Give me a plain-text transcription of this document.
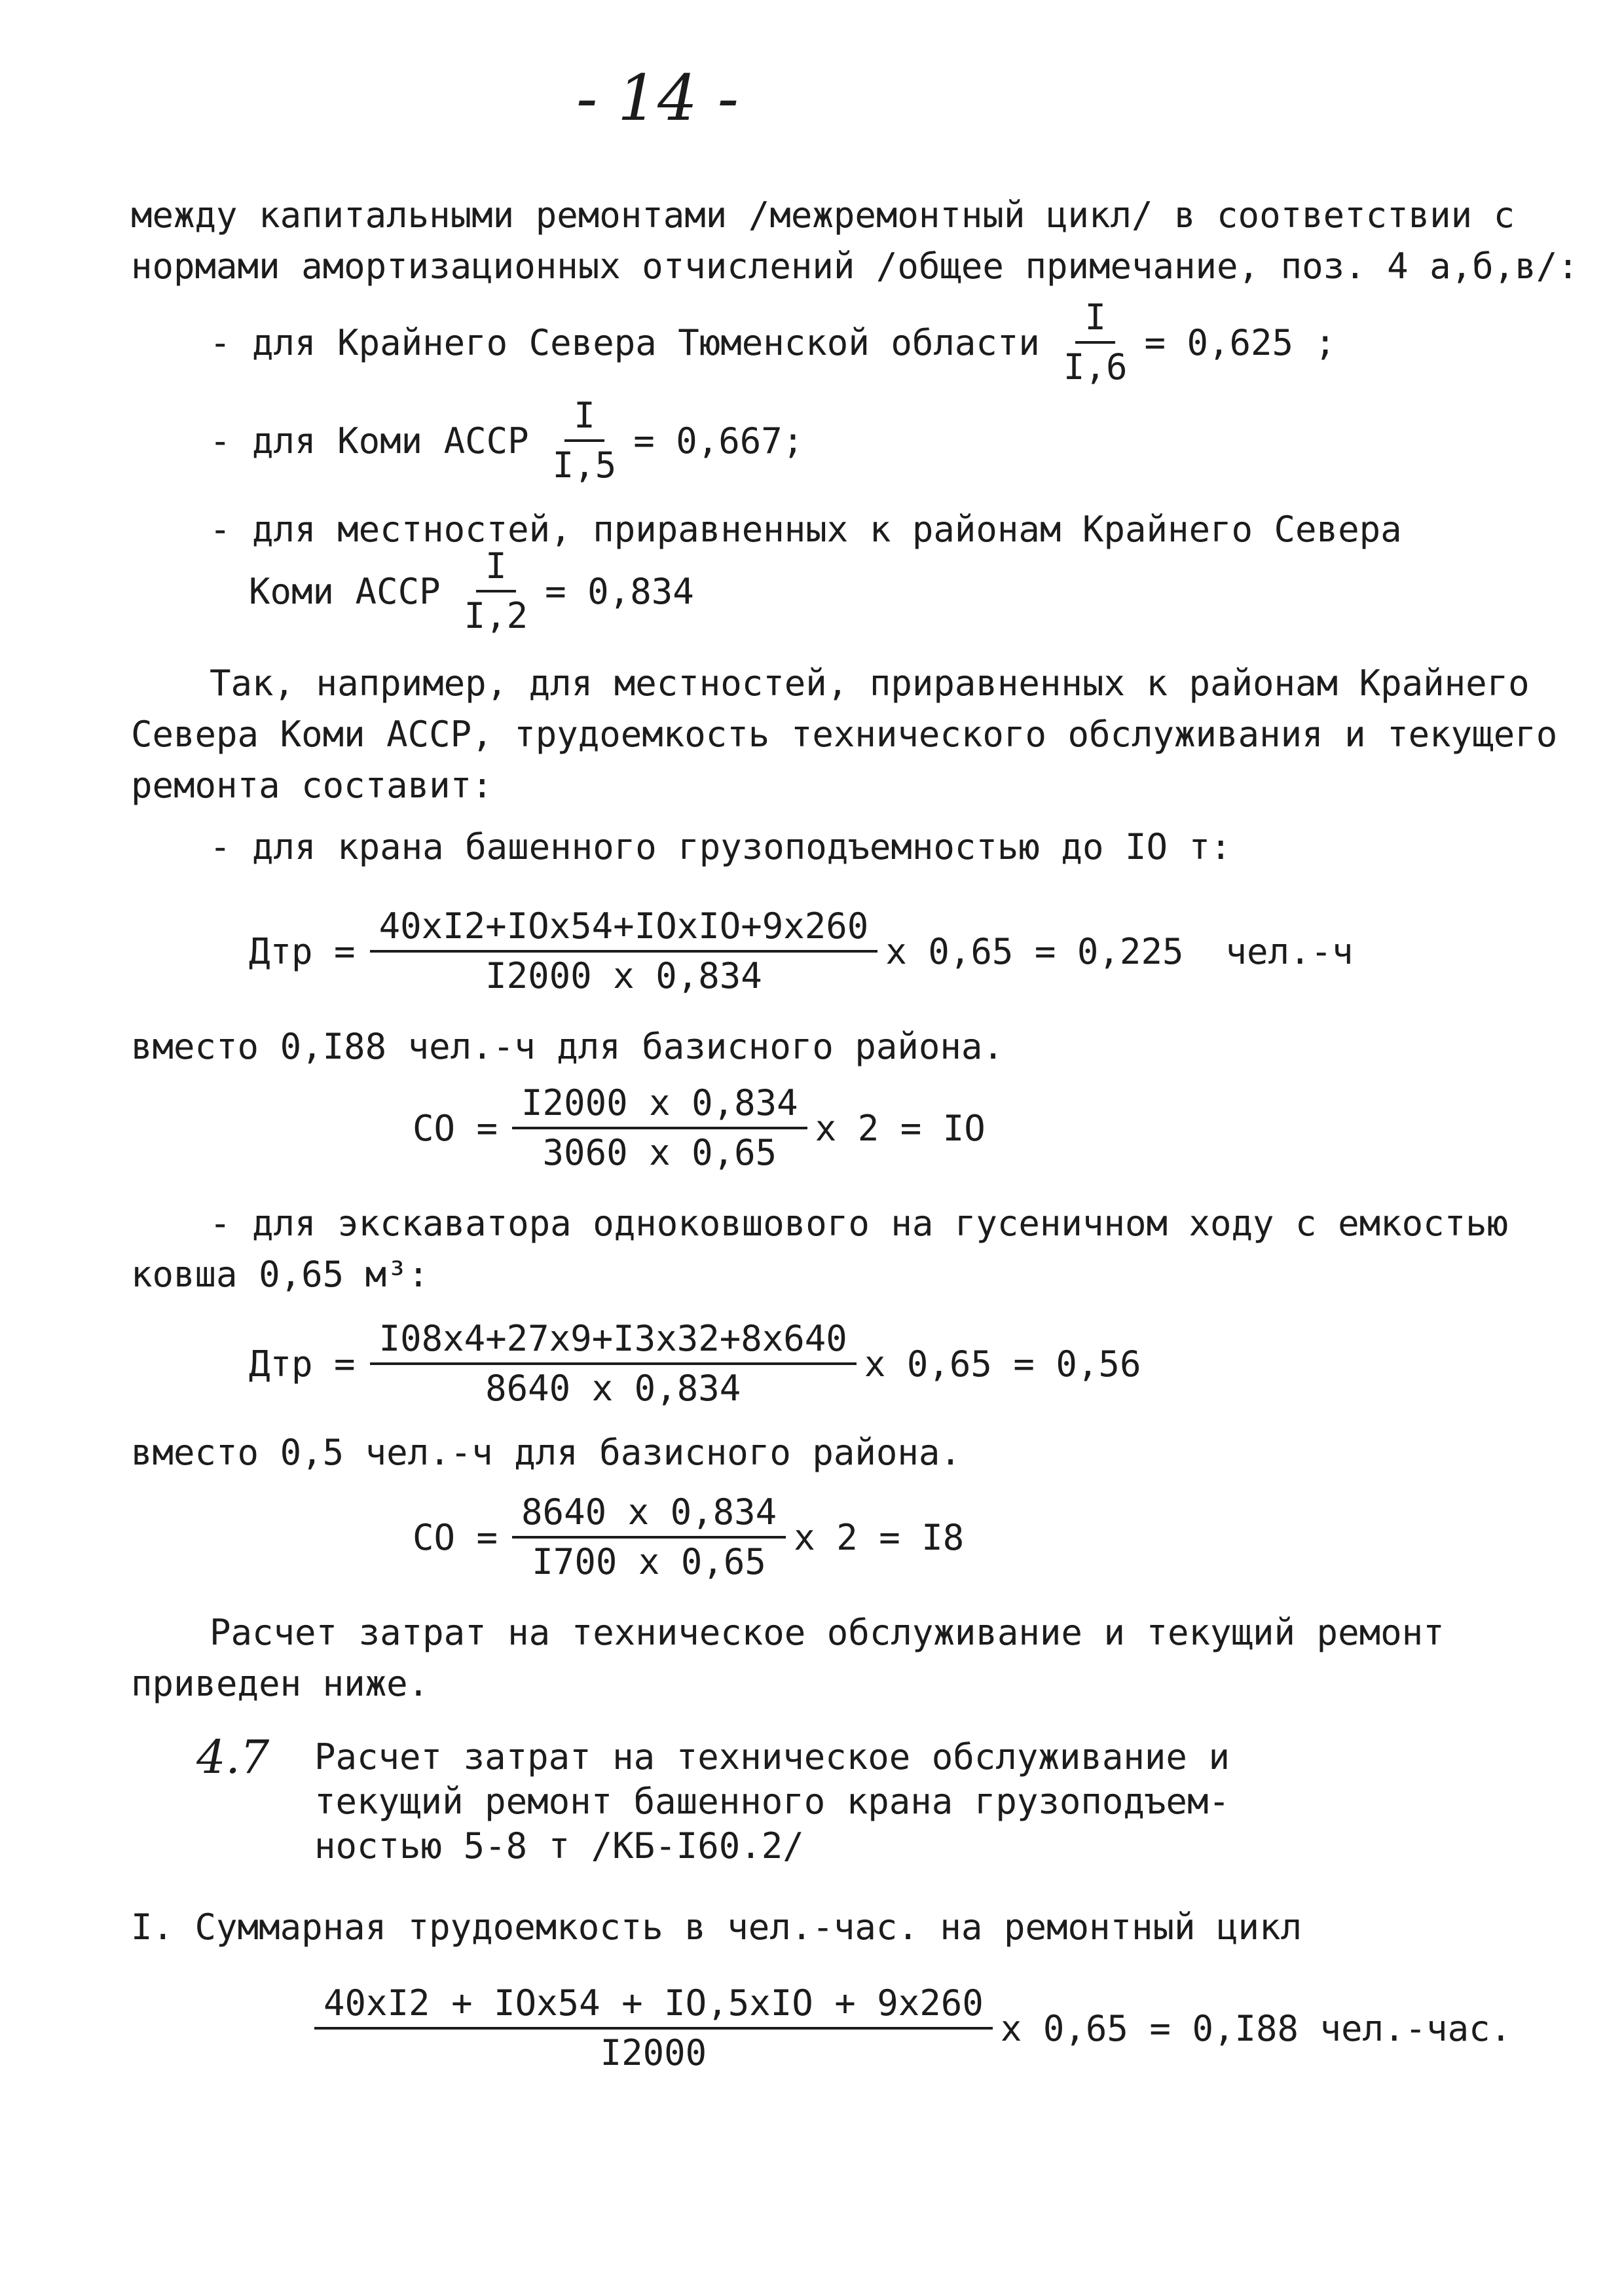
- 14 -
между капитальными ремонтами /межремонтный цикл/ в соответствии с
нормами амортизационных отчислений /общее примечание, поз. 4 а,б,в/:
- для Крайнего Севера Тюменской области $\frac{I}{I,6} = 0,625$ ;
- для Коми АССР $\frac{I}{I,5} = 0,667$;
- для местностей, приравненных к районам Крайнего Севера
Коми АССР $\frac{I}{I,2} = 0,834$
Так, например, для местностей, приравненных к районам Крайнего
Севера Коми АССР, трудоемкость технического обслуживания и текущего
ремонта составит:
- для крана башенного грузоподъемностью до IO т:
Дтр = $\frac{\text{40xI2+IOx54+IOxIO+9x260}}{I2000 x 0,834}$ x 0,65 = 0,225 чел.-ч
вместо 0,I88 чел.-ч для базисного района.
СО = $\frac{I2000 x 0,834}{3060 x 0,65}$ x 2 = IO
- для экскаватора одноковшового на гусеничном ходу с емкостью
ковша 0,65 м³:
Дтр = $\frac{I08x4+27x9+I3x32+8x640}{8640 x 0,834}$ x 0,65 = 0,56
вместо 0,5 чел.-ч для базисного района.
СО = $\frac{8640 x 0,834}{I700 x 0,65}$ x 2 = I8
Расчет затрат на техническое обслуживание и текущий ремонт
приведен ниже.
4.7 Расчет затрат на техническое обслуживание и
текущий ремонт башенного крана грузоподъем-
ностью 5-8 т /КБ-I60.2/
I. Суммарная трудоемкость в чел.-час. на ремонтный цикл
$\frac{\text{40xI2 + IOx54 + IO,5xIO + 9x260}}{I2000}$ x 0,65 = 0,I88 чел.-час.
